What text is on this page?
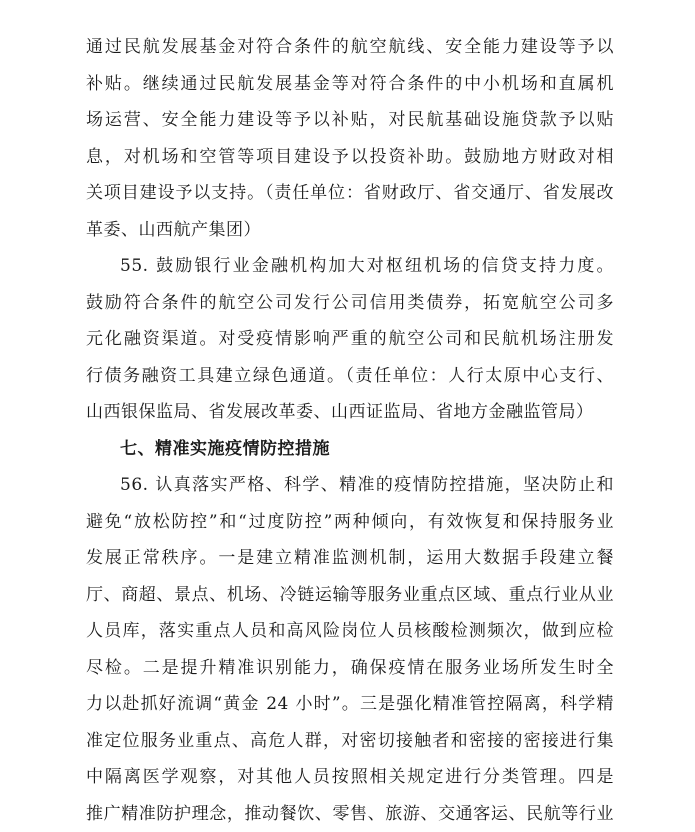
通过民航发展基金对符合条件的航空航线、安全能力建设等予以
补贴。继续通过民航发展基金等对符合条件的中小机场和直属机
场运营、安全能力建设等予以补贴，对民航基础设施贷款予以贴
息，对机场和空管等项目建设予以投资补助。鼓励地方财政对相
关项目建设予以支持。（责任单位：省财政厅、省交通厅、省发展改
革委、山西航产集团）
55. 鼓励银行业金融机构加大对枢纽机场的信贷支持力度。
鼓励符合条件的航空公司发行公司信用类债券，拓宽航空公司多
元化融资渠道。对受疫情影响严重的航空公司和民航机场注册发
行债务融资工具建立绿色通道。（责任单位：人行太原中心支行、
山西银保监局、省发展改革委、山西证监局、省地方金融监管局）
七、精准实施疫情防控措施
56. 认真落实严格、科学、精准的疫情防控措施，坚决防止和
避免“放松防控”和“过度防控”两种倾向，有效恢复和保持服务业
发展正常秩序。一是建立精准监测机制，运用大数据手段建立餐
厅、商超、景点、机场、冷链运输等服务业重点区域、重点行业从业
人员库，落实重点人员和高风险岗位人员核酸检测频次，做到应检
尽检。二是提升精准识别能力，确保疫情在服务业场所发生时全
力以赴抓好流调“黄金 24 小时”。三是强化精准管控隔离，科学精
准定位服务业重点、高危人群，对密切接触者和密接的密接进行集
中隔离医学观察，对其他人员按照相关规定进行分类管理。四是
推广精准防护理念，推动餐饮、零售、旅游、交通客运、民航等行业
